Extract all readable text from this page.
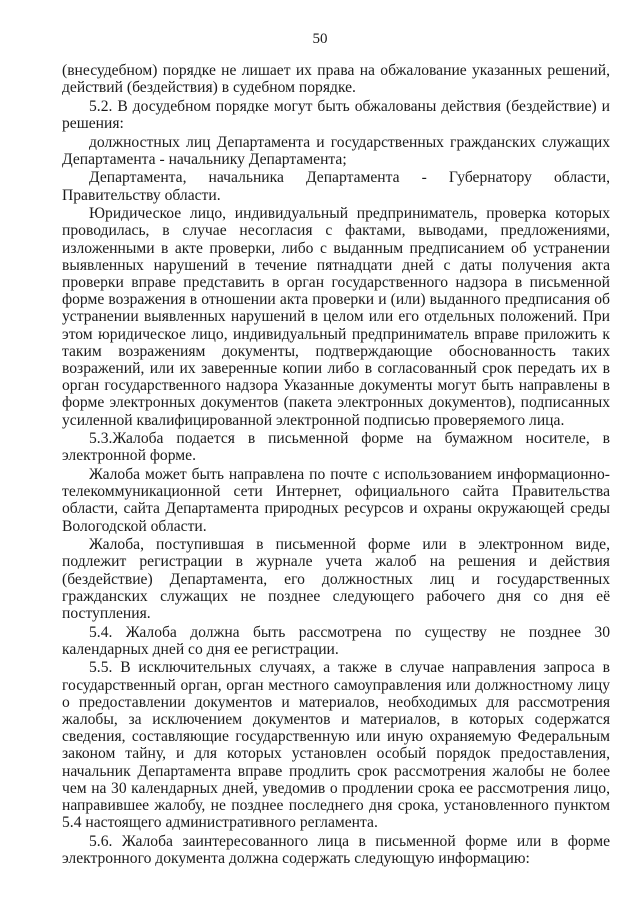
50

(внесудебном) порядке не лишает их права на обжалование указанных решений, действий (бездействия) в судебном порядке.

5.2. В досудебном порядке могут быть обжалованы действия (бездействие) и решения:

должностных лиц Департамента и государственных гражданских служащих Департамента - начальнику Департамента;

Департамента, начальника Департамента - Губернатору области, Правительству области.

Юридическое лицо, индивидуальный предприниматель, проверка которых проводилась, в случае несогласия с фактами, выводами, предложениями, изложенными в акте проверки, либо с выданным предписанием об устранении выявленных нарушений в течение пятнадцати дней с даты получения акта проверки вправе представить в орган государственного надзора в письменной форме возражения в отношении акта проверки и (или) выданного предписания об устранении выявленных нарушений в целом или его отдельных положений. При этом юридическое лицо, индивидуальный предприниматель вправе приложить к таким возражениям документы, подтверждающие обоснованность таких возражений, или их заверенные копии либо в согласованный срок передать их в орган государственного надзора Указанные документы могут быть направлены в форме электронных документов (пакета электронных документов), подписанных усиленной квалифицированной электронной подписью проверяемого лица.

5.3.Жалоба подается в письменной форме на бумажном носителе, в электронной форме.

Жалоба может быть направлена по почте с использованием информационно-телекоммуникационной сети Интернет, официального сайта Правительства области, сайта Департамента природных ресурсов и охраны окружающей среды Вологодской области.

Жалоба, поступившая в письменной форме или в электронном виде, подлежит регистрации в журнале учета жалоб на решения и действия (бездействие) Департамента, его должностных лиц и государственных гражданских служащих не позднее следующего рабочего дня со дня её поступления.

5.4. Жалоба должна быть рассмотрена по существу не позднее 30 календарных дней со дня ее регистрации.

5.5. В исключительных случаях, а также в случае направления запроса в государственный орган, орган местного самоуправления или должностному лицу о предоставлении документов и материалов, необходимых для рассмотрения жалобы, за исключением документов и материалов, в которых содержатся сведения, составляющие государственную или иную охраняемую Федеральным законом тайну, и для которых установлен особый порядок предоставления, начальник Департамента вправе продлить срок рассмотрения жалобы не более чем на 30 календарных дней, уведомив о продлении срока ее рассмотрения лицо, направившее жалобу, не позднее последнего дня срока, установленного пунктом 5.4 настоящего административного регламента.

5.6. Жалоба заинтересованного лица в письменной форме или в форме электронного документа должна содержать следующую информацию:
